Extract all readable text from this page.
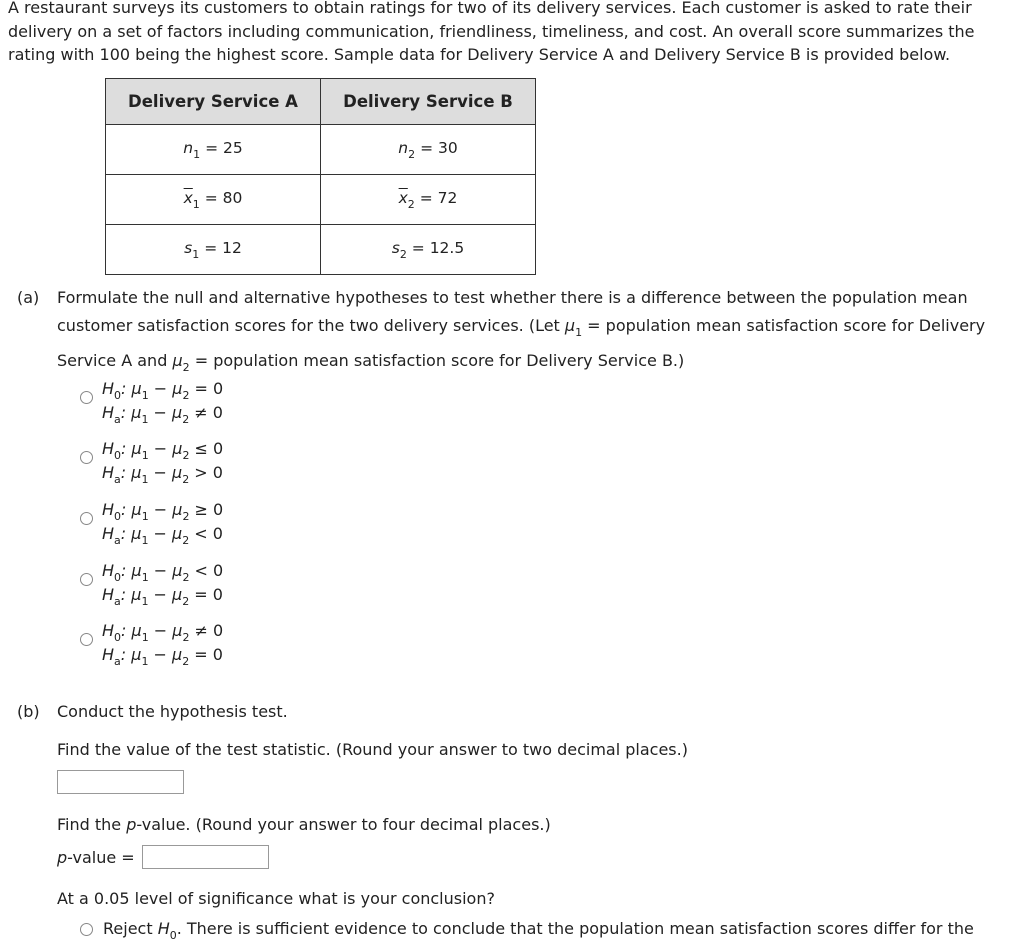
A restaurant surveys its customers to obtain ratings for two of its delivery services. Each customer is asked to rate their delivery on a set of factors including communication, friendliness, timeliness, and cost. An overall score summarizes the rating with 100 being the highest score. Sample data for Delivery Service A and Delivery Service B is provided below.

Delivery Service A	Delivery Service B
$n_1 = 25$	$n_2 = 30$
$\overline{x}_1 = 80$	$\overline{x}_2 = 72$
$s_1 = 12$	$s_2 = 12.5$
(a) Formulate the null and alternative hypotheses to test whether there is a difference between the population mean
customer satisfaction scores for the two delivery services. (Let $\mu_1$ = population mean satisfaction score for Delivery
Service A and $\mu_2$ = population mean satisfaction score for Delivery Service B.)
$H_0$: $\mu_1 - \mu_2 = 0$
$H_a$: $\mu_1 - \mu_2 \ne 0$
$H_0$: $\mu_1 - \mu_2 \le 0$
$H_a$: $\mu_1 - \mu_2 > 0$
$H_0$: $\mu_1 - \mu_2 \ge 0$
$H_a$: $\mu_1 - \mu_2 < 0$
$H_0$: $\mu_1 - \mu_2 < 0$
$H_a$: $\mu_1 - \mu_2 = 0$
$H_0$: $\mu_1 - \mu_2 \ne 0$
$H_a$: $\mu_1 - \mu_2 = 0$
(b) Conduct the hypothesis test.
Find the value of the test statistic. (Round your answer to two decimal places.)
Find the p-value. (Round your answer to four decimal places.)
p-value =
At a 0.05 level of significance what is your conclusion?
Reject $H_0$. There is sufficient evidence to conclude that the population mean satisfaction scores differ for the
